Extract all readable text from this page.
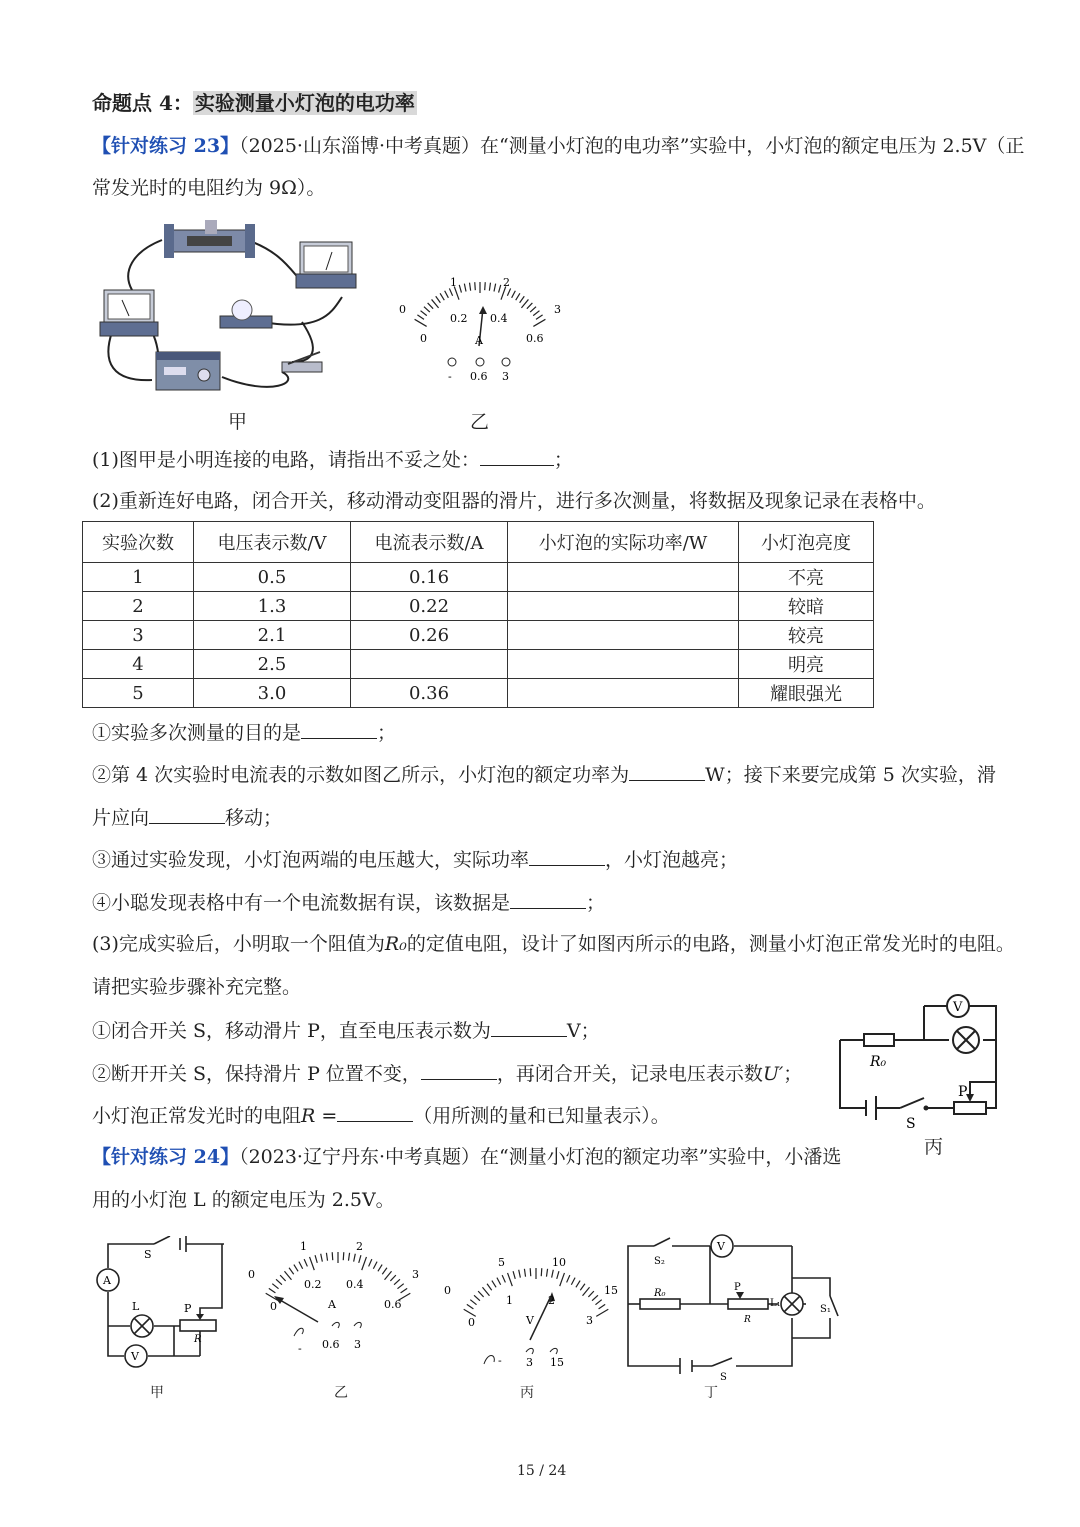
命题点 4： 实验测量小灯泡的电功率
【针对练习 23】（2025·山东淄博·中考真题）在“测量小灯泡的电功率”实验中，小灯泡的额定电压为 2.5V（正
常发光时的电阻约为 9Ω）。
甲
0
1	2
3
0.2 0.4
0.6
0	A
- 0.6 3
乙
(1)图甲是小明连接的电路，请指出不妥之处：	；
(2)重新连好电路，闭合开关，移动滑动变阻器的滑片，进行多次测量，将数据及现象记录在表格中。
实验次数	电压表示数/V	电流表示数/A	小灯泡的实际功率/W	小灯泡亮度
1	0.5	0.16		不亮
2	1.3	0.22		较暗
3	2.1	0.26		较亮
4	2.5			明亮
5	3.0	0.36		耀眼强光
①实验多次测量的目的是	；
②第 4 次实验时电流表的示数如图乙所示，小灯泡的额定功率为	W；接下来要完成第 5 次实验，滑
片应向	移动；
③通过实验发现，小灯泡两端的电压越大，实际功率	，小灯泡越亮；
④小聪发现表格中有一个电流数据有误，该数据是	；
(3)完成实验后，小明取一个阻值为R₀的定值电阻，设计了如图丙所示的电路，测量小灯泡正常发光时的电阻。
请把实验步骤补充完整。
①闭合开关 S，移动滑片 P，直至电压表示数为	V；
②断开开关 S，保持滑片 P 位置不变，	，再闭合开关，记录电压表示数U′；
小灯泡正常发光时的电阻R =	（用所测的量和已知量表示）。
V
R₀
P
S
丙
【针对练习 24】（2023·辽宁丹东·中考真题）在“测量小灯泡的额定功率”实验中，小潘选
用的小灯泡 L 的额定电压为 2.5V。
S
A
L
V
P
R
甲
0
1	2
3
0
0.2 0.4
0.6
A
- 0.6 3
乙
0
5	10
15
0
1	2
3
V
- 3 15
丙
S₂
V
R₀
P
R
L₁
S₁
S
丁
15 / 24
